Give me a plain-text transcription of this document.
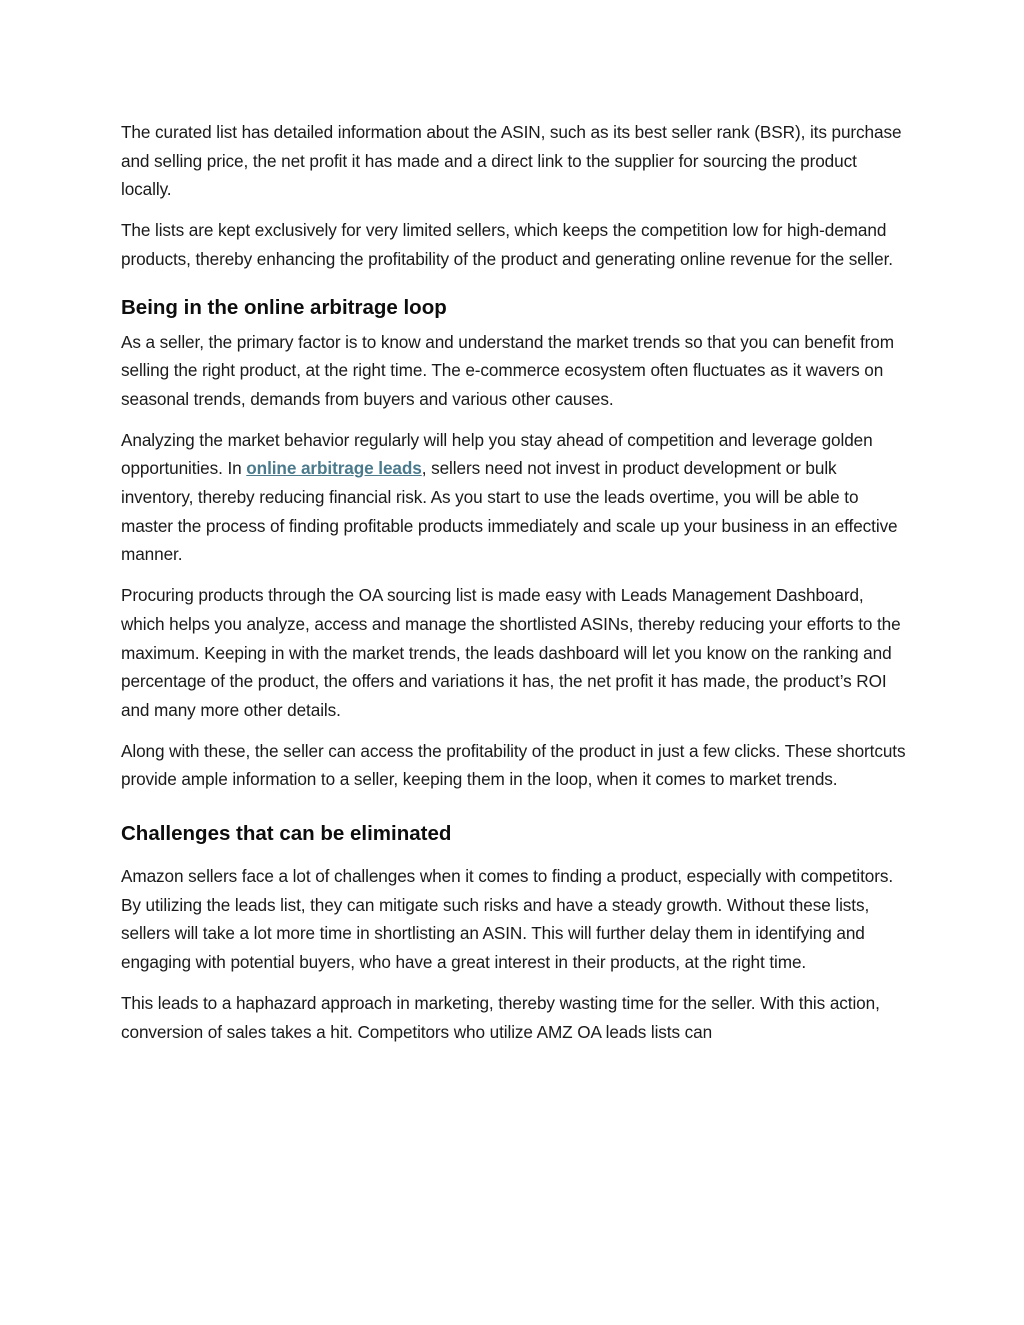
The curated list has detailed information about the ASIN, such as its best seller rank (BSR), its purchase and selling price, the net profit it has made and a direct link to the supplier for sourcing the product locally.

The lists are kept exclusively for very limited sellers, which keeps the competition low for high-demand products, thereby enhancing the profitability of the product and generating online revenue for the seller.

Being in the online arbitrage loop

As a seller, the primary factor is to know and understand the market trends so that you can benefit from selling the right product, at the right time. The e-commerce ecosystem often fluctuates as it wavers on seasonal trends, demands from buyers and various other causes.

Analyzing the market behavior regularly will help you stay ahead of competition and leverage golden opportunities. In online arbitrage leads, sellers need not invest in product development or bulk inventory, thereby reducing financial risk. As you start to use the leads overtime, you will be able to master the process of finding profitable products immediately and scale up your business in an effective manner.

Procuring products through the OA sourcing list is made easy with Leads Management Dashboard, which helps you analyze, access and manage the shortlisted ASINs, thereby reducing your efforts to the maximum. Keeping in with the market trends, the leads dashboard will let you know on the ranking and percentage of the product, the offers and variations it has, the net profit it has made, the product’s ROI and many more other details.

Along with these, the seller can access the profitability of the product in just a few clicks. These shortcuts provide ample information to a seller, keeping them in the loop, when it comes to market trends.

Challenges that can be eliminated

Amazon sellers face a lot of challenges when it comes to finding a product, especially with competitors. By utilizing the leads list, they can mitigate such risks and have a steady growth. Without these lists, sellers will take a lot more time in shortlisting an ASIN. This will further delay them in identifying and engaging with potential buyers, who have a great interest in their products, at the right time.

This leads to a haphazard approach in marketing, thereby wasting time for the seller. With this action, conversion of sales takes a hit. Competitors who utilize AMZ OA leads lists can
